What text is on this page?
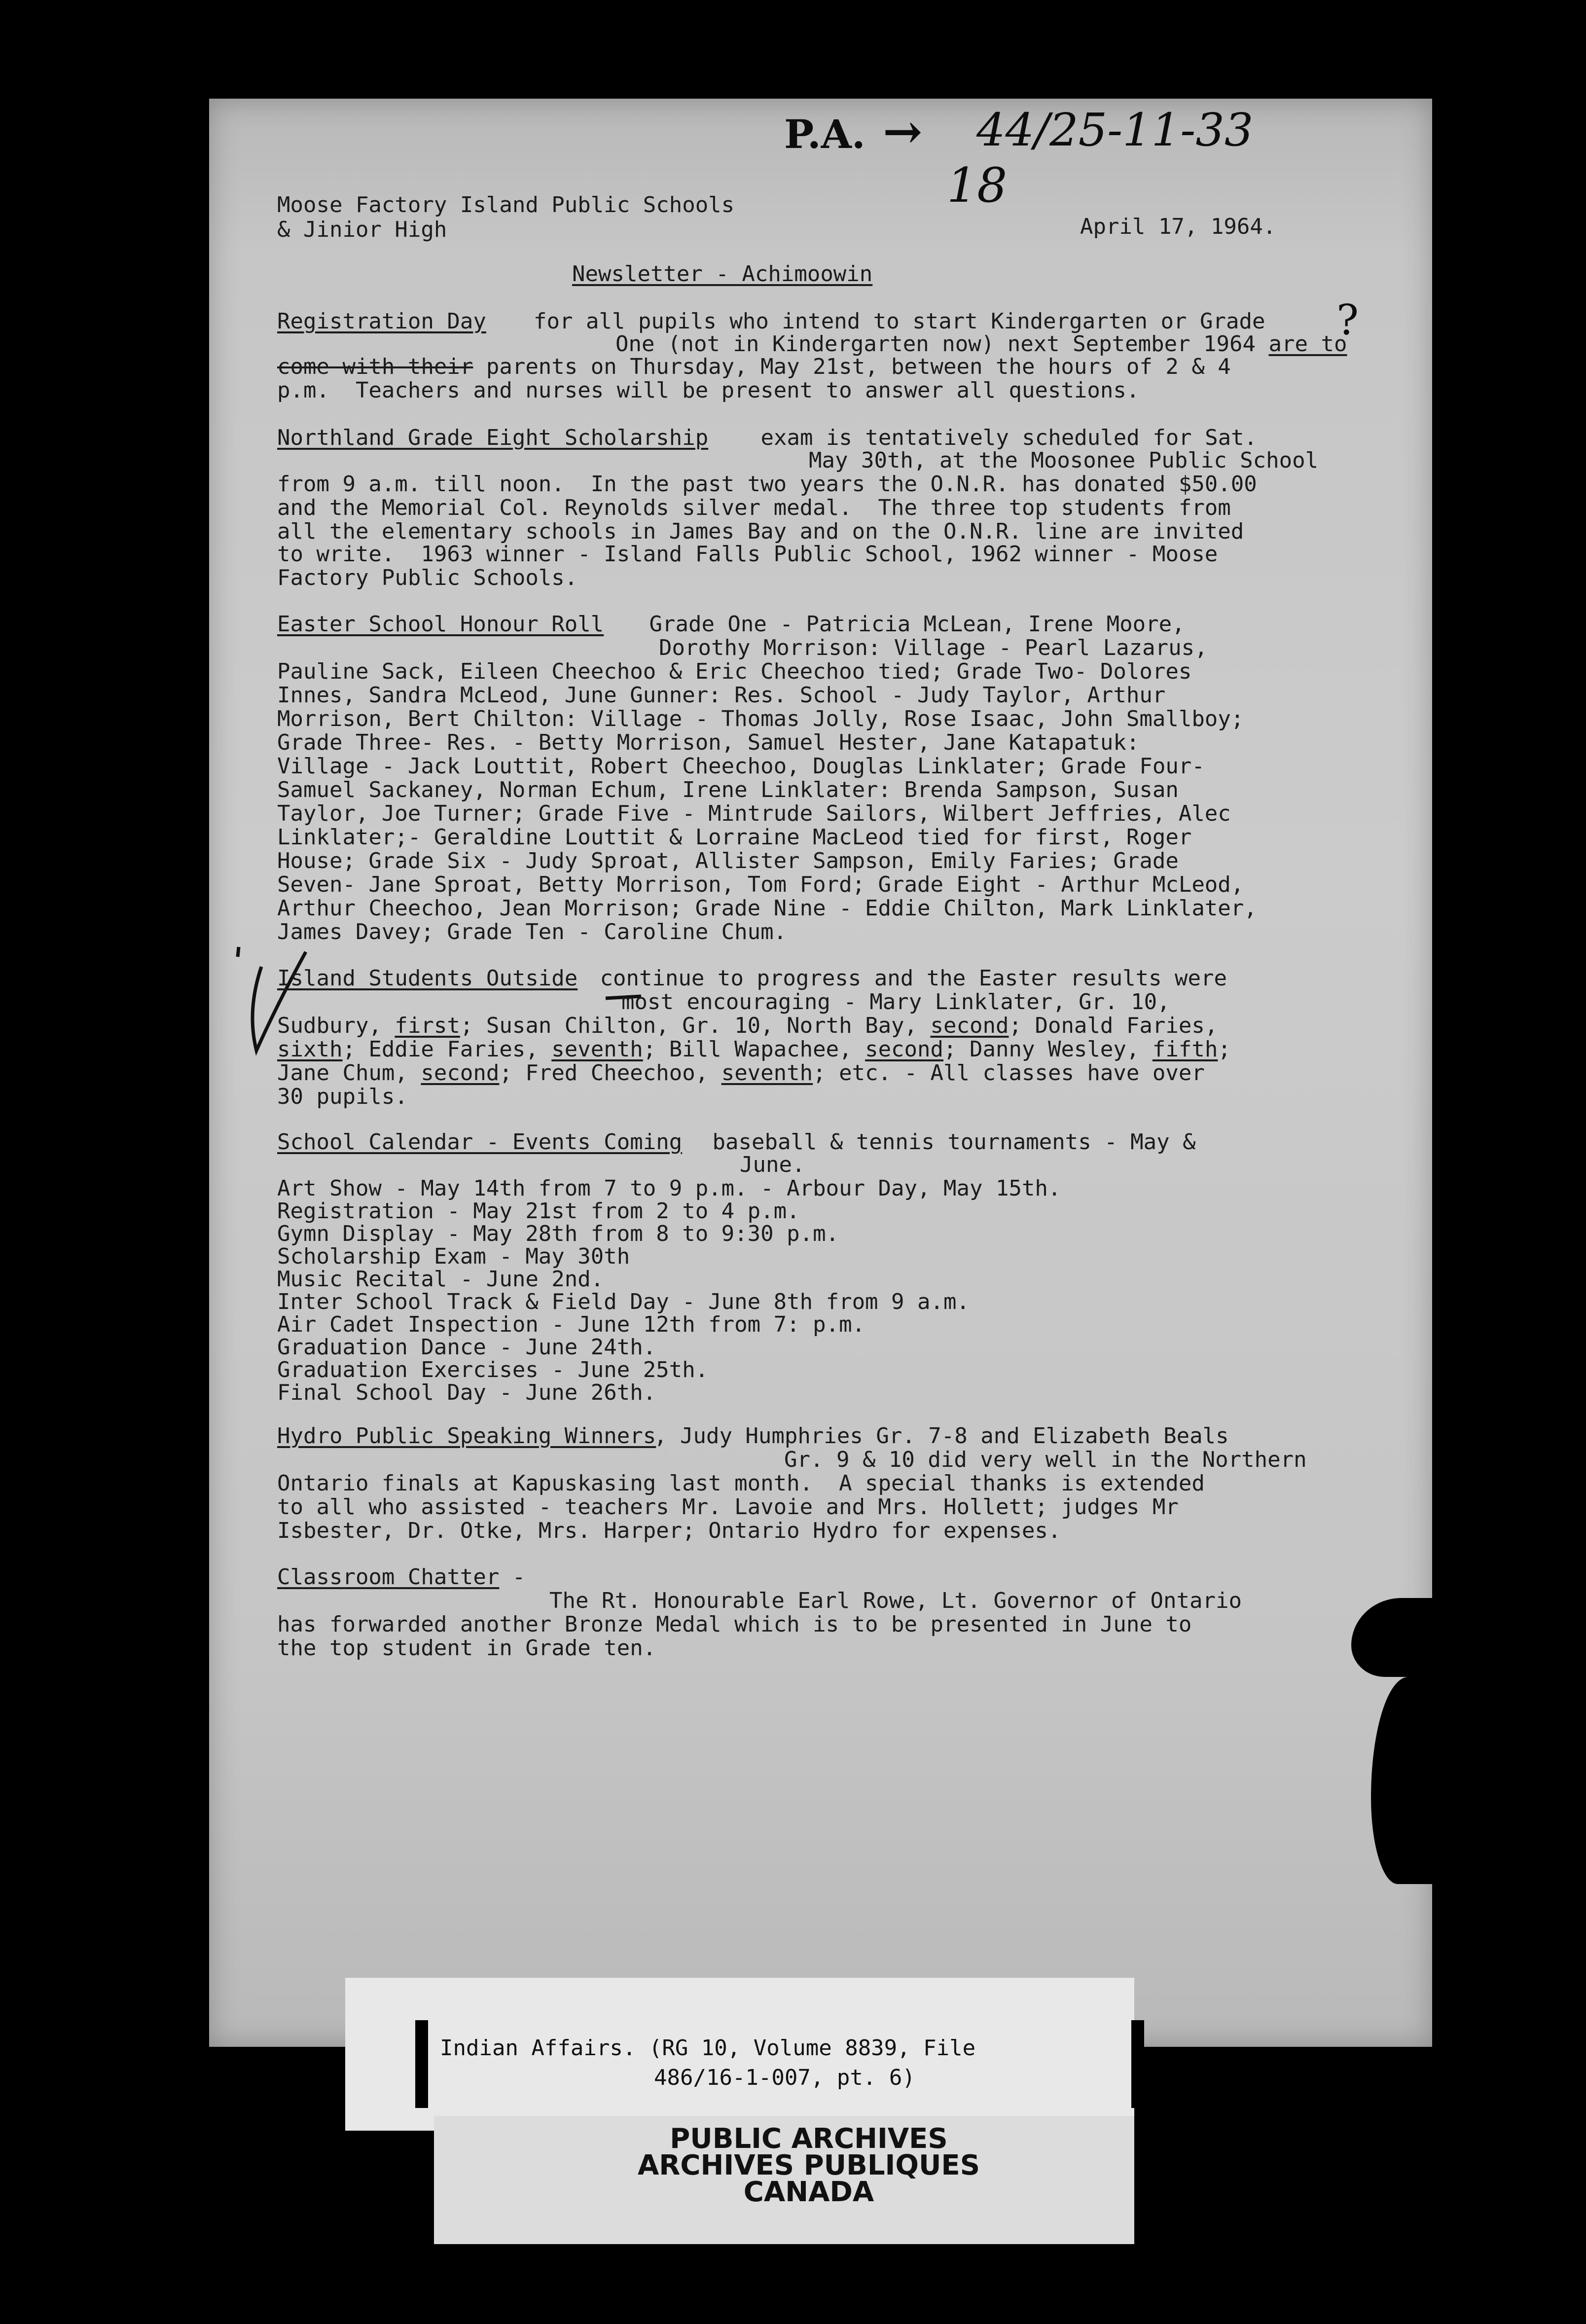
P.A. → 44/25-11-33
18
?
Moose Factory Island Public Schools
& Jinior High	April 17, 1964.
Newsletter - Achimoowin
Registration Day for all pupils who intend to start Kindergarten or Grade
One (not in Kindergarten now) next September 1964 are to
come with their parents on Thursday, May 21st, between the hours of 2 & 4
p.m.  Teachers and nurses will be present to answer all questions.
Northland Grade Eight Scholarship exam is tentatively scheduled for Sat.
May 30th, at the Moosonee Public School
from 9 a.m. till noon.  In the past two years the O.N.R. has donated $50.00
and the Memorial Col. Reynolds silver medal.  The three top students from
all the elementary schools in James Bay and on the O.N.R. line are invited
to write.  1963 winner - Island Falls Public School, 1962 winner - Moose
Factory Public Schools.
Easter School Honour Roll Grade One - Patricia McLean, Irene Moore,
Dorothy Morrison: Village - Pearl Lazarus,
Pauline Sack, Eileen Cheechoo & Eric Cheechoo tied; Grade Two- Dolores
Innes, Sandra McLeod, June Gunner: Res. School - Judy Taylor, Arthur
Morrison, Bert Chilton: Village - Thomas Jolly, Rose Isaac, John Smallboy;
Grade Three- Res. - Betty Morrison, Samuel Hester, Jane Katapatuk:
Village - Jack Louttit, Robert Cheechoo, Douglas Linklater; Grade Four-
Samuel Sackaney, Norman Echum, Irene Linklater: Brenda Sampson, Susan
Taylor, Joe Turner; Grade Five - Mintrude Sailors, Wilbert Jeffries, Alec
Linklater;- Geraldine Louttit & Lorraine MacLeod tied for first, Roger
House; Grade Six - Judy Sproat, Allister Sampson, Emily Faries; Grade
Seven- Jane Sproat, Betty Morrison, Tom Ford; Grade Eight - Arthur McLeod,
Arthur Cheechoo, Jean Morrison; Grade Nine - Eddie Chilton, Mark Linklater,
James Davey; Grade Ten - Caroline Chum.
Island Students Outside continue to progress and the Easter results were
most encouraging - Mary Linklater, Gr. 10,
Sudbury, first; Susan Chilton, Gr. 10, North Bay, second; Donald Faries,
sixth; Eddie Faries, seventh; Bill Wapachee, second; Danny Wesley, fifth;
Jane Chum, second; Fred Cheechoo, seventh; etc. - All classes have over
30 pupils.
School Calendar - Events Coming baseball & tennis tournaments - May &
June.
Art Show - May 14th from 7 to 9 p.m. - Arbour Day, May 15th.
Registration - May 21st from 2 to 4 p.m.
Gymn Display - May 28th from 8 to 9:30 p.m.
Scholarship Exam - May 30th
Music Recital - June 2nd.
Inter School Track & Field Day - June 8th from 9 a.m.
Air Cadet Inspection - June 12th from 7: p.m.
Graduation Dance - June 24th.
Graduation Exercises - June 25th.
Final School Day - June 26th.
Hydro Public Speaking Winners
, Judy Humphries Gr. 7-8 and Elizabeth Beals
Gr. 9 & 10 did very well in the Northern
Ontario finals at Kapuskasing last month.  A special thanks is extended
to all who assisted - teachers Mr. Lavoie and Mrs. Hollett; judges Mr
Isbester, Dr. Otke, Mrs. Harper; Ontario Hydro for expenses.
Classroom Chatter -
The Rt. Honourable Earl Rowe, Lt. Governor of Ontario
has forwarded another Bronze Medal which is to be presented in June to
the top student in Grade ten.
Indian Affairs. (RG 10, Volume 8839, File
486/16-1-007, pt. 6)
PUBLIC ARCHIVES
ARCHIVES PUBLIQUES
CANADA
